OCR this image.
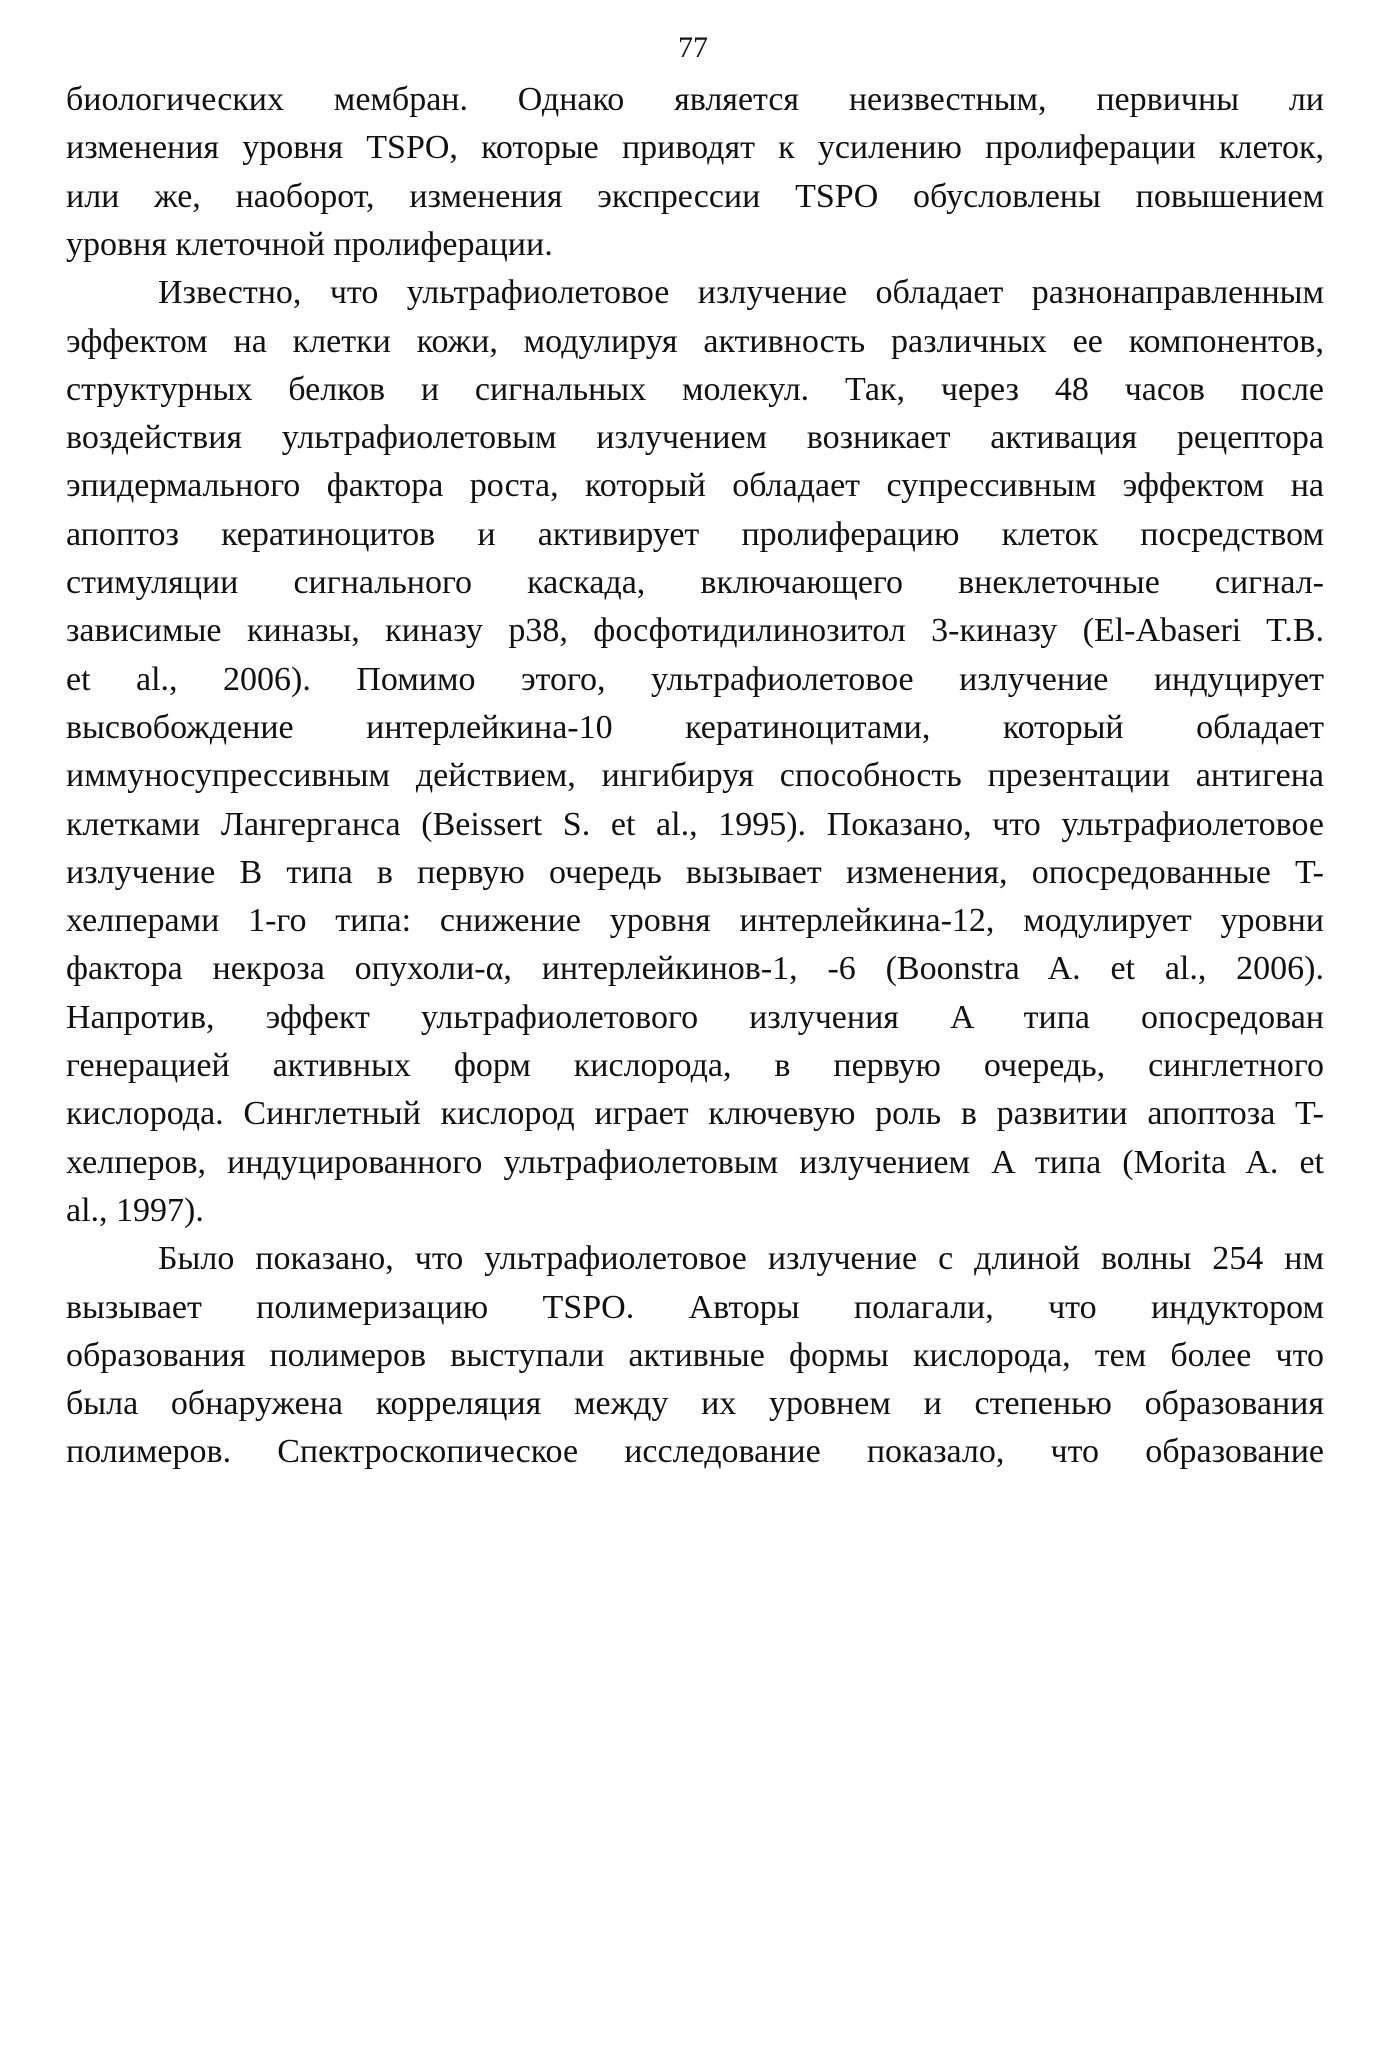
77
биологических мембран. Однако является неизвестным, первичны ли
изменения уровня TSPO, которые приводят к усилению пролиферации клеток,
или же, наоборот, изменения экспрессии TSPO обусловлены повышением
уровня клеточной пролиферации.
Известно, что ультрафиолетовое излучение обладает разнонаправленным
эффектом на клетки кожи, модулируя активность различных ее компонентов,
структурных белков и сигнальных молекул. Так, через 48 часов после
воздействия ультрафиолетовым излучением возникает активация рецептора
эпидермального фактора роста, который обладает супрессивным эффектом на
апоптоз кератиноцитов и активирует пролиферацию клеток посредством
стимуляции сигнального каскада, включающего внеклеточные сигнал-
зависимые киназы, киназу p38, фосфотидилинозитол 3-киназу (El-Abaseri T.B.
et al., 2006). Помимо этого, ультрафиолетовое излучение индуцирует
высвобождение интерлейкина-10 кератиноцитами, который обладает
иммуносупрессивным действием, ингибируя способность презентации антигена
клетками Лангерганса (Beissert S. et al., 1995). Показано, что ультрафиолетовое
излучение B типа в первую очередь вызывает изменения, опосредованные T-
хелперами 1-го типа: снижение уровня интерлейкина-12, модулирует уровни
фактора некроза опухоли-α, интерлейкинов-1, -6 (Boonstra A. et al., 2006).
Напротив, эффект ультрафиолетового излучения A типа опосредован
генерацией активных форм кислорода, в первую очередь, синглетного
кислорода. Синглетный кислород играет ключевую роль в развитии апоптоза T-
хелперов, индуцированного ультрафиолетовым излучением A типа (Morita A. et
al., 1997).
Было показано, что ультрафиолетовое излучение с длиной волны 254 нм
вызывает полимеризацию TSPO. Авторы полагали, что индуктором
образования полимеров выступали активные формы кислорода, тем более что
была обнаружена корреляция между их уровнем и степенью образования
полимеров. Спектроскопическое исследование показало, что образование
